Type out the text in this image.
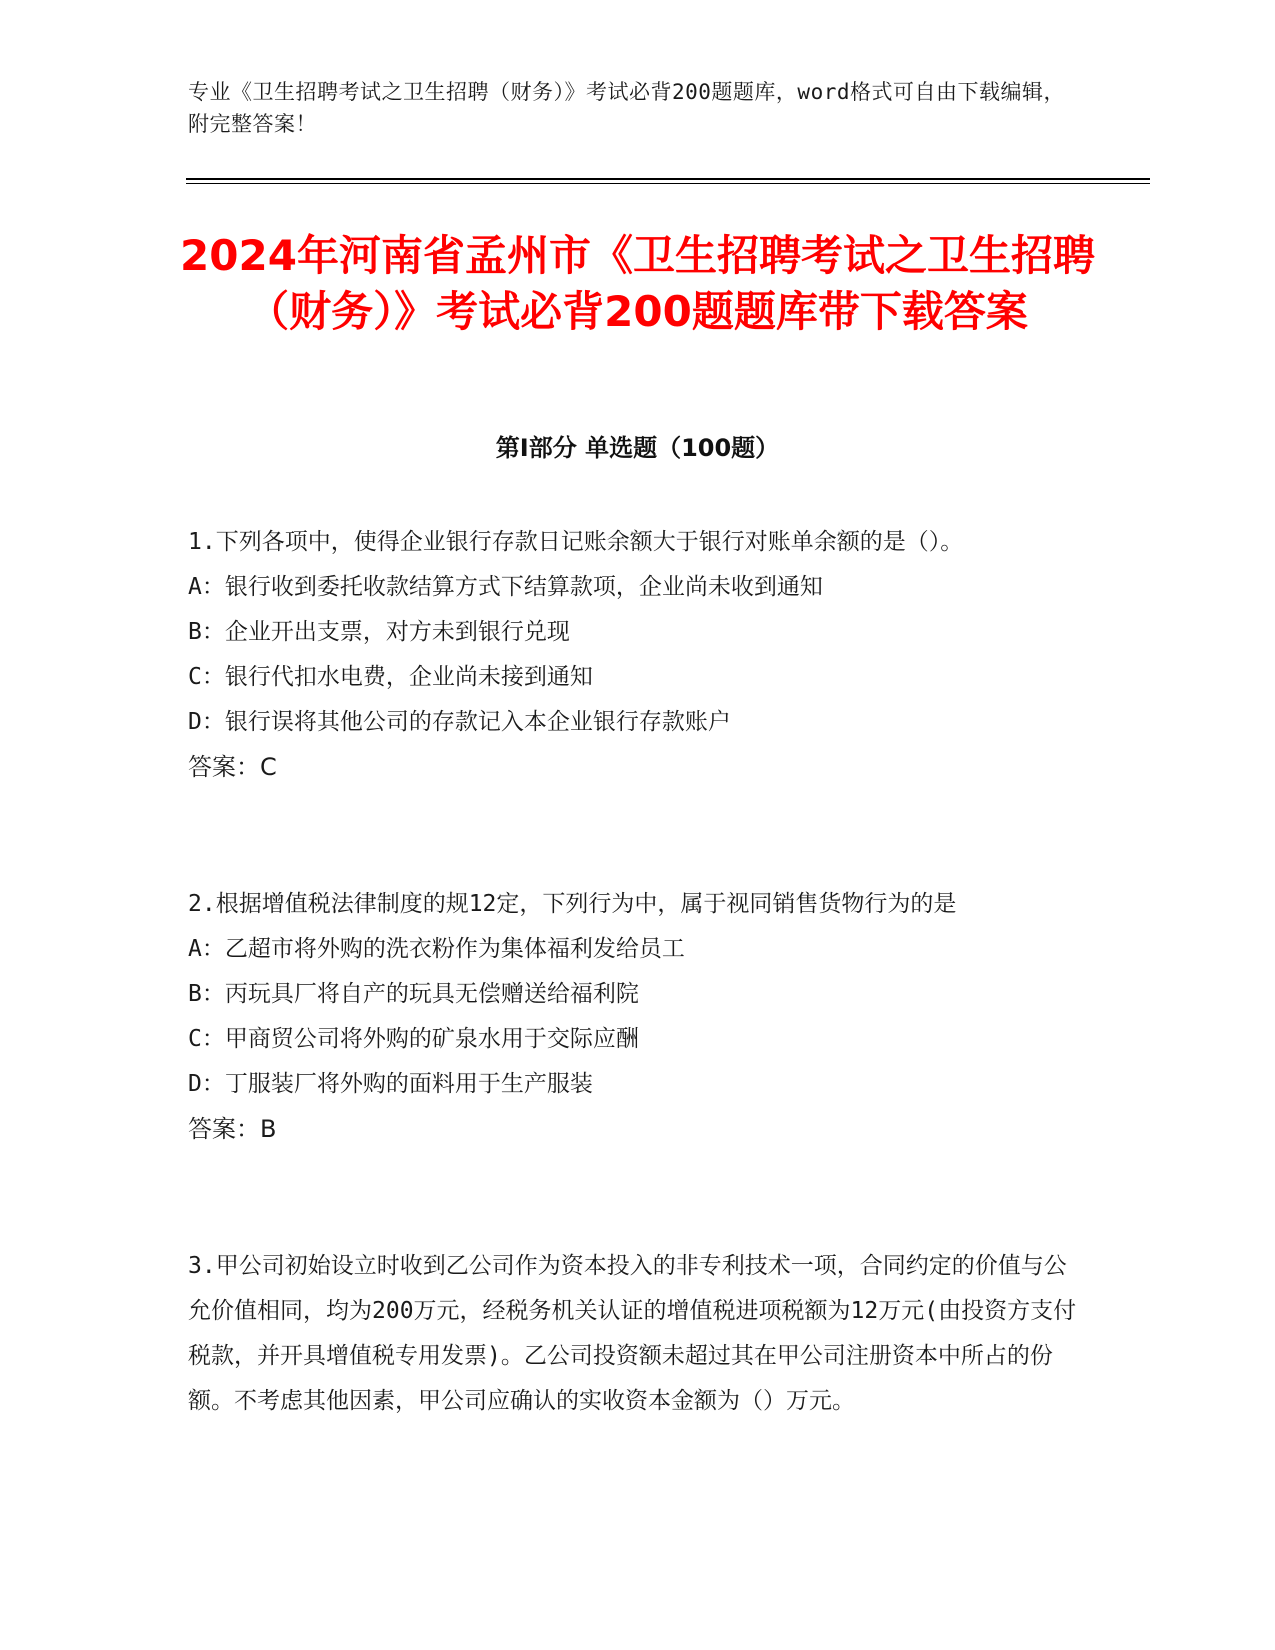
专业《卫生招聘考试之卫生招聘（财务）》考试必背200题题库，word格式可自由下载编辑，附完整答案！
2024年河南省孟州市《卫生招聘考试之卫生招聘（财务）》考试必背200题题库带下载答案
第Ⅰ部分 单选题（100题）

1.下列各项中，使得企业银行存款日记账余额大于银行对账单余额的是（）。

A：银行收到委托收款结算方式下结算款项，企业尚未收到通知

B：企业开出支票，对方未到银行兑现

C：银行代扣水电费，企业尚未接到通知

D：银行误将其他公司的存款记入本企业银行存款账户

答案：C

2.根据增值税法律制度的规12定，下列行为中，属于视同销售货物行为的是

A：乙超市将外购的洗衣粉作为集体福利发给员工

B：丙玩具厂将自产的玩具无偿赠送给福利院

C：甲商贸公司将外购的矿泉水用于交际应酬

D：丁服装厂将外购的面料用于生产服装

答案：B

3.甲公司初始设立时收到乙公司作为资本投入的非专利技术一项，合同约定的价值与公允价值相同，均为200万元，经税务机关认证的增值税进项税额为12万元(由投资方支付税款，并开具增值税专用发票)。乙公司投资额未超过其在甲公司注册资本中所占的份额。不考虑其他因素，甲公司应确认的实收资本金额为（）万元。
